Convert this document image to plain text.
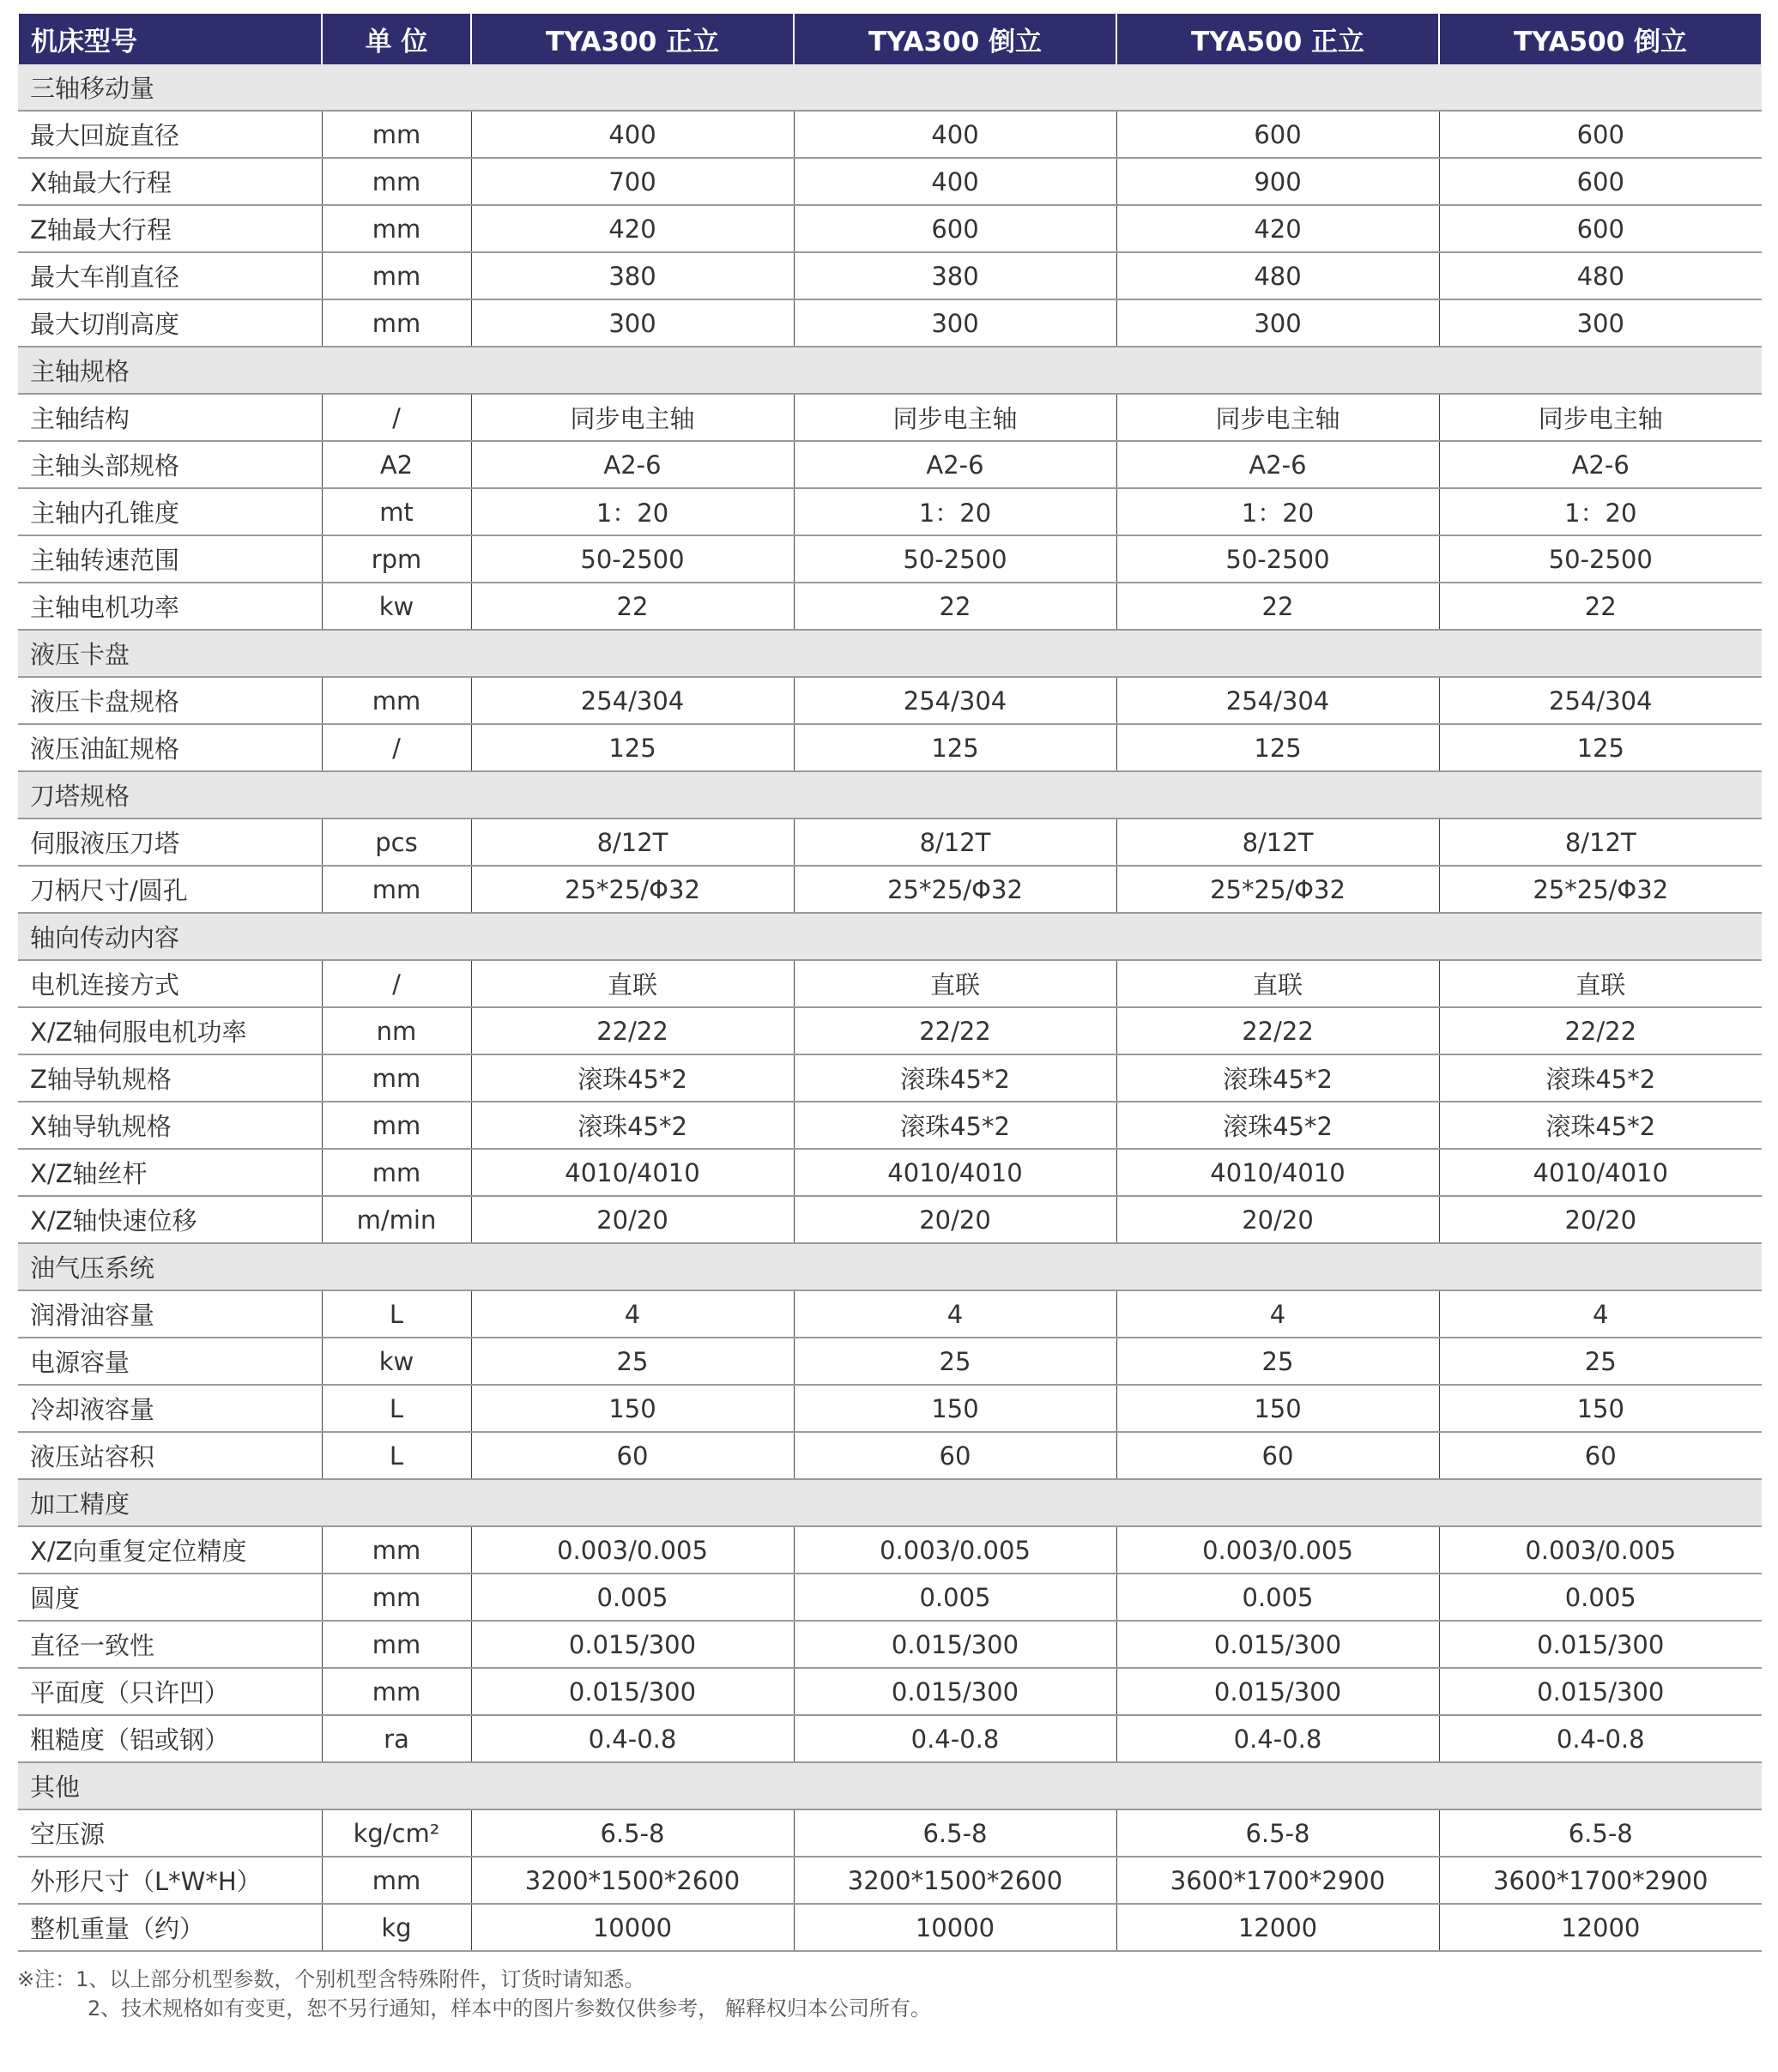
机床型号	单 位	TYA300 正立	TYA300 倒立	TYA500 正立	TYA500 倒立
三轴移动量					
最大回旋直径	mm	400	400	600	600
X轴最大行程	mm	700	400	900	600
Z轴最大行程	mm	420	600	420	600
最大车削直径	mm	380	380	480	480
最大切削高度	mm	300	300	300	300
主轴规格					
主轴结构	/	同步电主轴	同步电主轴	同步电主轴	同步电主轴
主轴头部规格	A2	A2-6	A2-6	A2-6	A2-6
主轴内孔锥度	mt	1：20	1：20	1：20	1：20
主轴转速范围	rpm	50-2500	50-2500	50-2500	50-2500
主轴电机功率	kw	22	22	22	22
液压卡盘					
液压卡盘规格	mm	254/304	254/304	254/304	254/304
液压油缸规格	/	125	125	125	125
刀塔规格					
伺服液压刀塔	pcs	8/12T	8/12T	8/12T	8/12T
刀柄尺寸/圆孔	mm	25*25/Φ32	25*25/Φ32	25*25/Φ32	25*25/Φ32
轴向传动内容					
电机连接方式	/	直联	直联	直联	直联
X/Z轴伺服电机功率	nm	22/22	22/22	22/22	22/22
Z轴导轨规格	mm	滚珠45*2	滚珠45*2	滚珠45*2	滚珠45*2
X轴导轨规格	mm	滚珠45*2	滚珠45*2	滚珠45*2	滚珠45*2
X/Z轴丝杆	mm	4010/4010	4010/4010	4010/4010	4010/4010
X/Z轴快速位移	m/min	20/20	20/20	20/20	20/20
油气压系统					
润滑油容量	L	4	4	4	4
电源容量	kw	25	25	25	25
冷却液容量	L	150	150	150	150
液压站容积	L	60	60	60	60
加工精度					
X/Z向重复定位精度	mm	0.003/0.005	0.003/0.005	0.003/0.005	0.003/0.005
圆度	mm	0.005	0.005	0.005	0.005
直径一致性	mm	0.015/300	0.015/300	0.015/300	0.015/300
平面度（只许凹）	mm	0.015/300	0.015/300	0.015/300	0.015/300
粗糙度（铝或钢）	ra	0.4-0.8	0.4-0.8	0.4-0.8	0.4-0.8
其他					
空压源	kg/cm²	6.5-8	6.5-8	6.5-8	6.5-8
外形尺寸（L*W*H）	mm	3200*1500*2600	3200*1500*2600	3600*1700*2900	3600*1700*2900
整机重量（约）	kg	10000	10000	12000	12000
※注：1、以上部分机型参数，个别机型含特殊附件，订货时请知悉。
2、技术规格如有变更，恕不另行通知，样本中的图片参数仅供参考， 解释权归本公司所有。
